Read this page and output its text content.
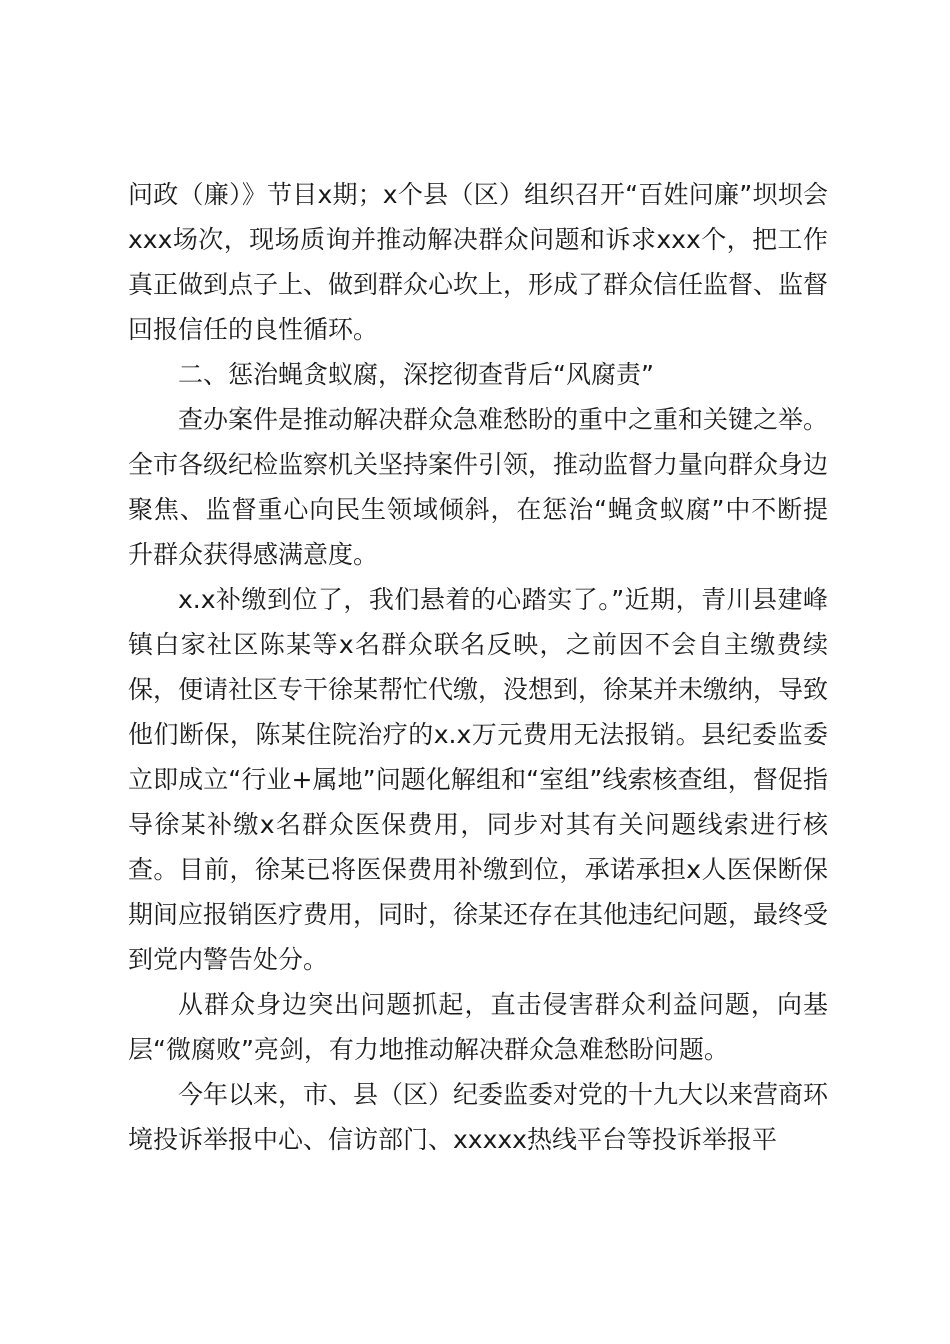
问政（廉）》节目x期；x个县（区）组织召开“百姓问廉”坝坝会xxx场次，现场质询并推动解决群众问题和诉求xxx个，把工作真正做到点子上、做到群众心坎上，形成了群众信任监督、监督回报信任的良性循环。

二、惩治蝇贪蚁腐，深挖彻查背后“风腐责”

查办案件是推动解决群众急难愁盼的重中之重和关键之举。全市各级纪检监察机关坚持案件引领，推动监督力量向群众身边聚焦、监督重心向民生领域倾斜，在惩治“蝇贪蚁腐”中不断提升群众获得感满意度。

x.x补缴到位了，我们悬着的心踏实了。”近期，青川县建峰镇白家社区陈某等x名群众联名反映，之前因不会自主缴费续保，便请社区专干徐某帮忙代缴，没想到，徐某并未缴纳，导致他们断保，陈某住院治疗的x.x万元费用无法报销。县纪委监委立即成立“行业+属地”问题化解组和“室组”线索核查组，督促指导徐某补缴x名群众医保费用，同步对其有关问题线索进行核查。目前，徐某已将医保费用补缴到位，承诺承担x人医保断保期间应报销医疗费用，同时，徐某还存在其他违纪问题，最终受到党内警告处分。

从群众身边突出问题抓起，直击侵害群众利益问题，向基层“微腐败”亮剑，有力地推动解决群众急难愁盼问题。

今年以来，市、县（区）纪委监委对党的十九大以来营商环境投诉举报中心、信访部门、xxxxx热线平台等投诉举报平
